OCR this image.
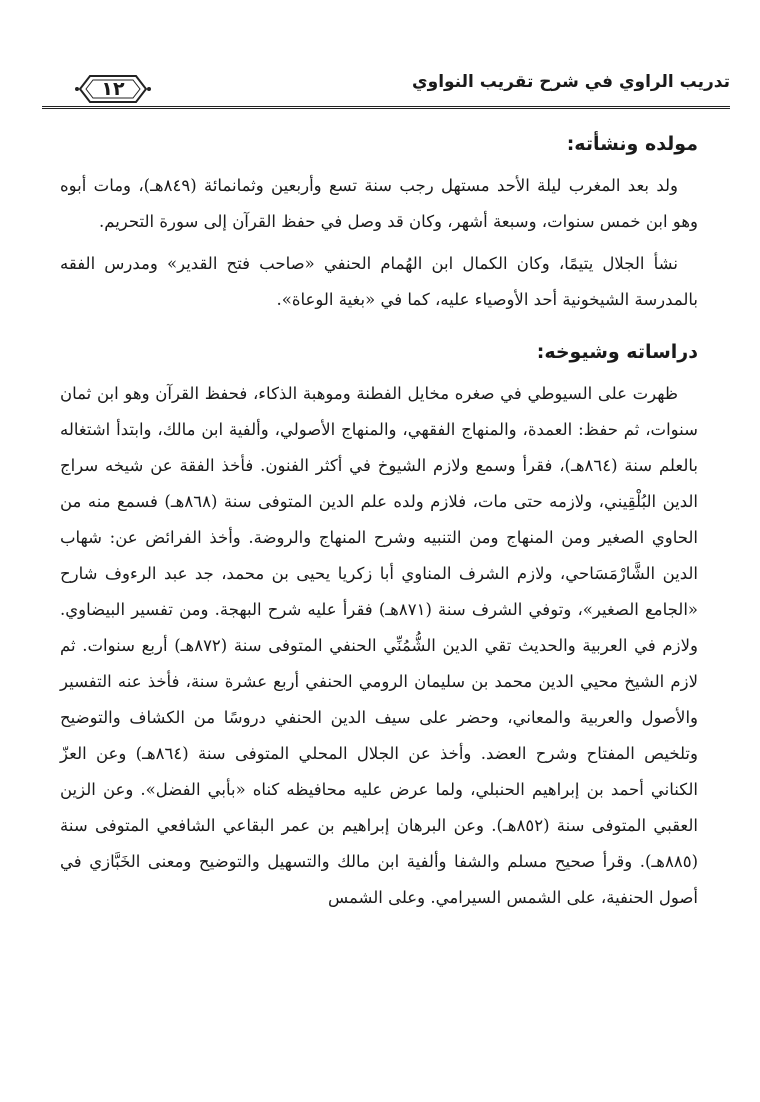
١٢	تدريب الراوي في شرح تقريب النواوي
مولده ونشأته:

ولد بعد المغرب ليلة الأحد مستهل رجب سنة تسع وأربعين وثمانمائة (٨٤٩هـ)، ومات أبوه وهو ابن خمس سنوات، وسبعة أشهر، وكان قد وصل في حفظ القرآن إلى سورة التحريم.

نشأ الجلال يتيمًا، وكان الكمال ابن الهُمام الحنفي «صاحب فتح القدير» ومدرس الفقه بالمدرسة الشيخونية أحد الأوصياء عليه، كما في «بغية الوعاة».

دراساته وشيوخه:

ظهرت على السيوطي في صغره مخايل الفطنة وموهبة الذكاء، فحفظ القرآن وهو ابن ثمان سنوات، ثم حفظ: العمدة، والمنهاج الفقهي، والمنهاج الأصولي، وألفية ابن مالك، وابتدأ اشتغاله بالعلم سنة (٨٦٤هـ)، فقرأ وسمع ولازم الشيوخ في أكثر الفنون. فأخذ الفقة عن شيخه سراج الدين البُلْقِيني، ولازمه حتى مات، فلازم ولده علم الدين المتوفى سنة (٨٦٨هـ) فسمع منه من الحاوي الصغير ومن المنهاج ومن التنبيه وشرح المنهاج والروضة. وأخذ الفرائض عن: شهاب الدين الشَّارْمَسَاحي، ولازم الشرف المناوي أبا زكريا يحيى بن محمد، جد عبد الرءوف شارح «الجامع الصغير»، وتوفي الشرف سنة (٨٧١هـ) فقرأ عليه شرح البهجة. ومن تفسير البيضاوي. ولازم في العربية والحديث تقي الدين الشُّمُنِّي الحنفي المتوفى سنة (٨٧٢هـ) أربع سنوات. ثم لازم الشيخ محيي الدين محمد بن سليمان الرومي الحنفي أربع عشرة سنة، فأخذ عنه التفسير والأصول والعربية والمعاني، وحضر على سيف الدين الحنفي دروسًا من الكشاف والتوضيح وتلخيص المفتاح وشرح العضد. وأخذ عن الجلال المحلي المتوفى سنة (٨٦٤هـ) وعن العزّ الكناني أحمد بن إبراهيم الحنبلي، ولما عرض عليه محافيظه كناه «بأبي الفضل». وعن الزين العقبي المتوفى سنة (٨٥٢هـ). وعن البرهان إبراهيم بن عمر البقاعي الشافعي المتوفى سنة (٨٨٥هـ). وقرأ صحيح مسلم والشفا وألفية ابن مالك والتسهيل والتوضيح ومعنى الخَبَّازي في أصول الحنفية، على الشمس السيرامي. وعلى الشمس
